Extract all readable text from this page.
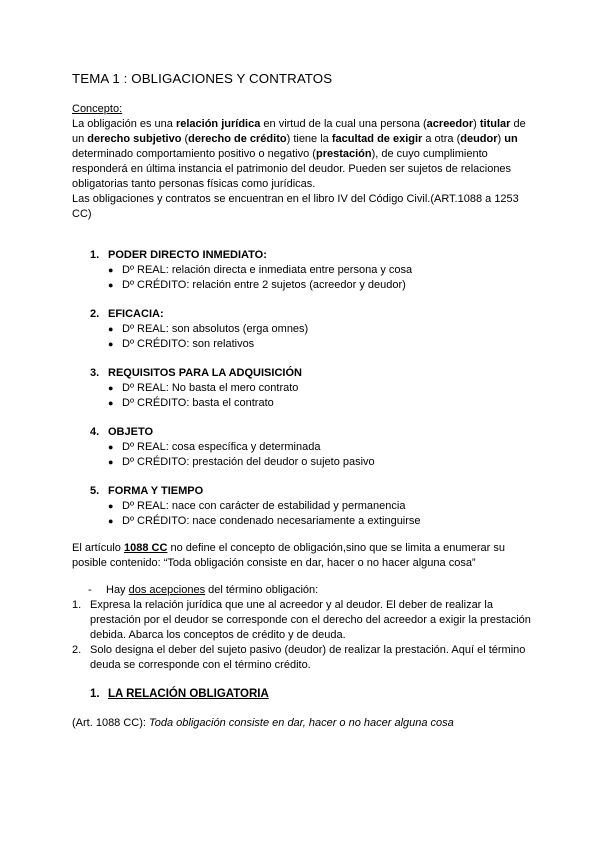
TEMA 1 : OBLIGACIONES Y CONTRATOS

Concepto:

La obligación es una relación jurídica en virtud de la cual una persona (acreedor) titular de un derecho subjetivo (derecho de crédito) tiene la facultad de exigir a otra (deudor) un determinado comportamiento positivo o negativo (prestación), de cuyo cumplimiento responderá en última instancia el patrimonio del deudor. Pueden ser sujetos de relaciones obligatorias tanto personas físicas como jurídicas.

Las obligaciones y contratos se encuentran en el libro IV del Código Civil.(ART.1088 a 1253 CC)

1. PODER DIRECTO INMEDIATO:
● Dº REAL: relación directa e inmediata entre persona y cosa
● Dº CRÉDITO: relación entre 2 sujetos (acreedor y deudor)
2. EFICACIA:
● Dº REAL: son absolutos (erga omnes)
● Dº CRÉDITO: son relativos
3. REQUISITOS PARA LA ADQUISICIÓN
● Dº REAL: No basta el mero contrato
● Dº CRÉDITO: basta el contrato
4. OBJETO
● Dº REAL: cosa específica y determinada
● Dº CRÉDITO: prestación del deudor o sujeto pasivo
5. FORMA Y TIEMPO
● Dº REAL: nace con carácter de estabilidad y permanencia
● Dº CRÉDITO: nace condenado necesariamente a extinguirse

El artículo 1088 CC no define el concepto de obligación,sino que se limita a enumerar su posible contenido: “Toda obligación consiste en dar, hacer o no hacer alguna cosa”

-	Hay dos acepciones del término obligación:
1. Expresa la relación jurídica que une al acreedor y al deudor. El deber de realizar la prestación por el deudor se corresponde con el derecho del acreedor a exigir la prestación debida. Abarca los conceptos de crédito y de deuda.
2. Solo designa el deber del sujeto pasivo (deudor) de realizar la prestación. Aquí el término deuda se corresponde con el término crédito.
1. LA RELACIÓN OBLIGATORIA

(Art. 1088 CC): Toda obligación consiste en dar, hacer o no hacer alguna cosa
